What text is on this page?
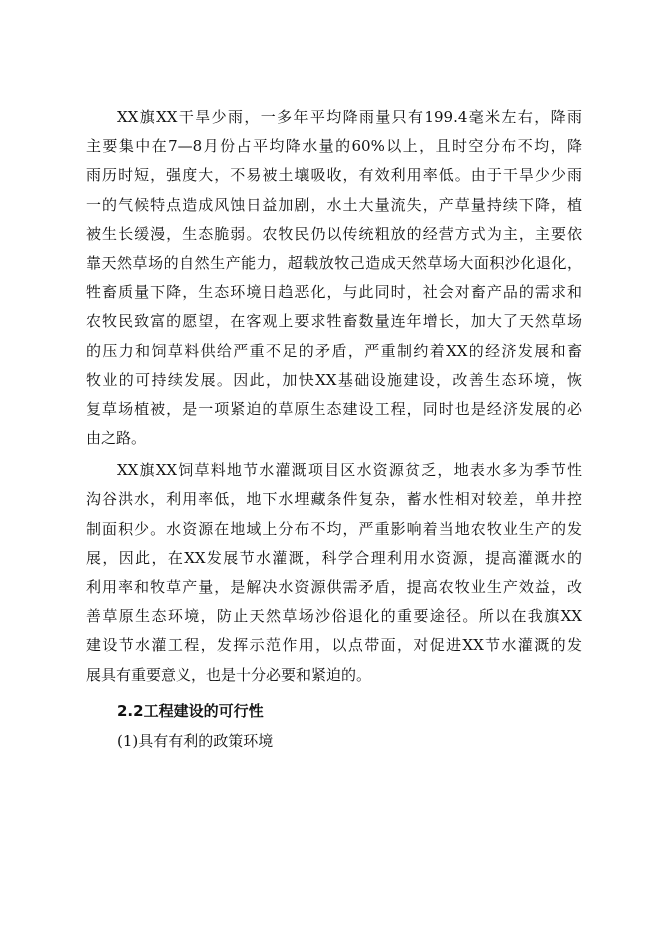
XX旗XX干旱少雨，一多年平均降雨量只有199.4毫米左右，降雨
主要集中在7—8月份占平均降水量的60%以上，且时空分布不均，降
雨历时短，强度大，不易被土壤吸收，有效利用率低。由于干旱少少雨
一的气候特点造成风蚀日益加剧，水土大量流失，产草量持续下降，植
被生长缓漫，生态脆弱。农牧民仍以传统粗放的经营方式为主，主要依
靠天然草场的自然生产能力，超载放牧己造成天然草场大面积沙化退化，
牲畜质量下降，生态环境日趋恶化，与此同时，社会对畜产品的需求和
农牧民致富的愿望，在客观上要求牲畜数量连年增长，加大了天然草场
的压力和饲草料供给严重不足的矛盾，严重制约着XX的经济发展和畜
牧业的可持续发展。因此，加快XX基础设施建设，改善生态环境，恢
复草场植被，是一项紧迫的草原生态建设工程，同时也是经济发展的必
由之路。
XX旗XX饲草料地节水灌溉项目区水资源贫乏，地表水多为季节性
沟谷洪水，利用率低，地下水埋藏条件复杂，蓄水性相对较差，单井控
制面积少。水资源在地域上分布不均，严重影响着当地农牧业生产的发
展，因此，在XX发展节水灌溉，科学合理利用水资源，提高灌溉水的
利用率和牧草产量，是解决水资源供需矛盾，提高农牧业生产效益，改
善草原生态环境，防止天然草场沙俗退化的重要途径。所以在我旗XX
建设节水灌工程，发挥示范作用，以点带面，对促进XX节水灌溉的发
展具有重要意义，也是十分必要和紧迫的。
2.2工程建设的可行性
(1)具有有利的政策环境
